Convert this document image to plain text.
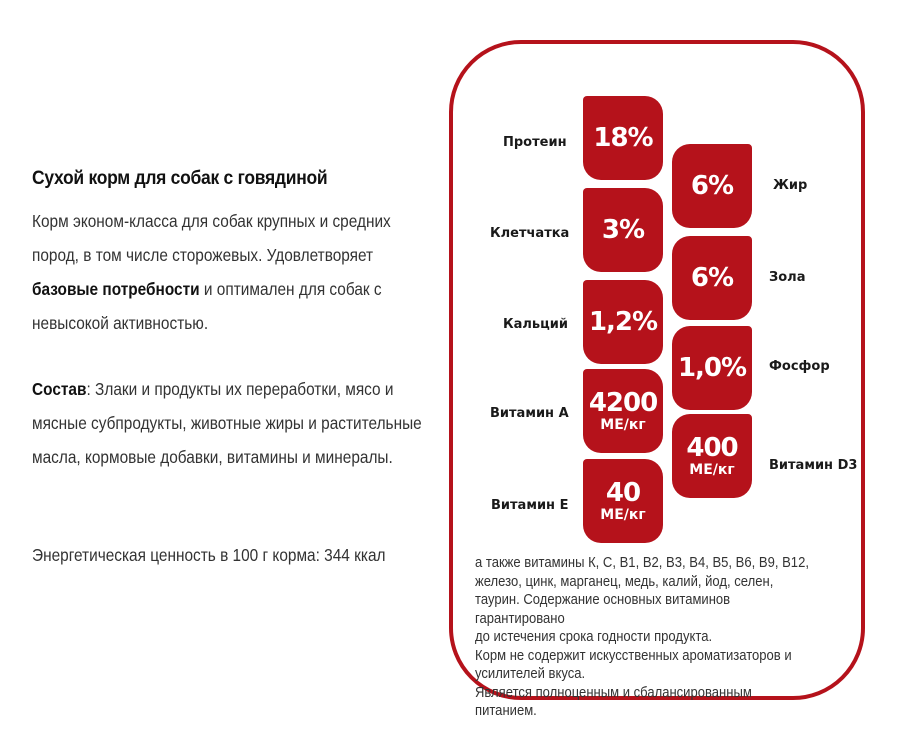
Сухой корм для собак с говядиной
Корм эконом-класса для собак крупных и средних пород, в том числе сторожевых. Удовлетворяет базовые потребности и оптимален для собак с невысокой активностью.
Состав: Злаки и продукты их переработки, мясо и мясные субпродукты, животные жиры и растительные масла, кормовые добавки, витамины и минералы.
Энергетическая ценность в 100 г корма: 344 ккал
18%
Протеин
3%
Клетчатка
1,2%
Кальций
4200
МЕ/кг
Витамин А
40
МЕ/кг
Витамин Е
6%	Жир
6%	Зола
1,0% Фосфор
400
МЕ/кг	Витамин D3
а также витамины К, С, В1, В2, В3, В4, В5, В6, В9, В12,
железо, цинк, марганец, медь, калий, йод, селен,
таурин. Содержание основных витаминов гарантировано
до истечения срока годности продукта.
Корм не содержит искусственных ароматизаторов и
усилителей вкуса.
Является полноценным и сбалансированным питанием.
